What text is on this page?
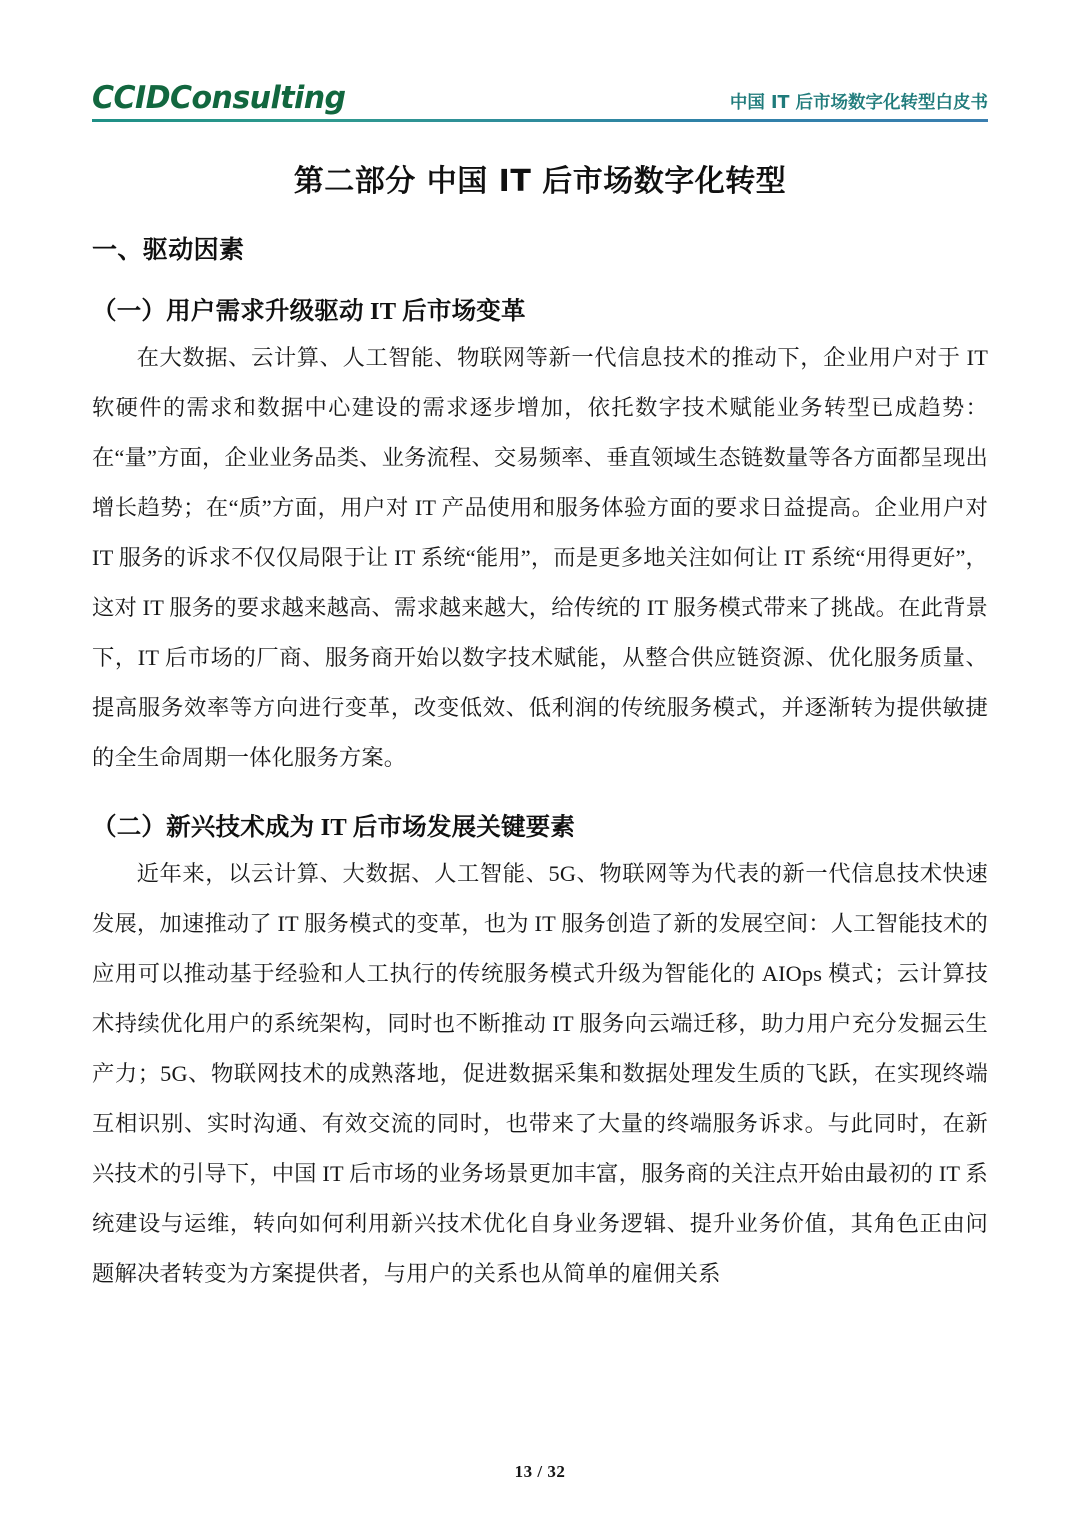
CCIDConsulting	中国 IT 后市场数字化转型白皮书
第二部分 中国 IT 后市场数字化转型
一、驱动因素
（一）用户需求升级驱动 IT 后市场变革

在大数据、云计算、人工智能、物联网等新一代信息技术的推动下，企业用户对于 IT 软硬件的需求和数据中心建设的需求逐步增加，依托数字技术赋能业务转型已成趋势：在“量”方面，企业业务品类、业务流程、交易频率、垂直领域生态链数量等各方面都呈现出增长趋势；在“质”方面，用户对 IT 产品使用和服务体验方面的要求日益提高。企业用户对 IT 服务的诉求不仅仅局限于让 IT 系统“能用”，而是更多地关注如何让 IT 系统“用得更好”，这对 IT 服务的要求越来越高、需求越来越大，给传统的 IT 服务模式带来了挑战。在此背景下，IT 后市场的厂商、服务商开始以数字技术赋能，从整合供应链资源、优化服务质量、提高服务效率等方向进行变革，改变低效、低利润的传统服务模式，并逐渐转为提供敏捷的全生命周期一体化服务方案。

（二）新兴技术成为 IT 后市场发展关键要素

近年来，以云计算、大数据、人工智能、5G、物联网等为代表的新一代信息技术快速发展，加速推动了 IT 服务模式的变革，也为 IT 服务创造了新的发展空间：人工智能技术的应用可以推动基于经验和人工执行的传统服务模式升级为智能化的 AIOps 模式；云计算技术持续优化用户的系统架构，同时也不断推动 IT 服务向云端迁移，助力用户充分发掘云生产力；5G、物联网技术的成熟落地，促进数据采集和数据处理发生质的飞跃，在实现终端互相识别、实时沟通、有效交流的同时，也带来了大量的终端服务诉求。与此同时，在新兴技术的引导下，中国 IT 后市场的业务场景更加丰富，服务商的关注点开始由最初的 IT 系统建设与运维，转向如何利用新兴技术优化自身业务逻辑、提升业务价值，其角色正由问题解决者转变为方案提供者，与用户的关系也从简单的雇佣关系

13 / 32
